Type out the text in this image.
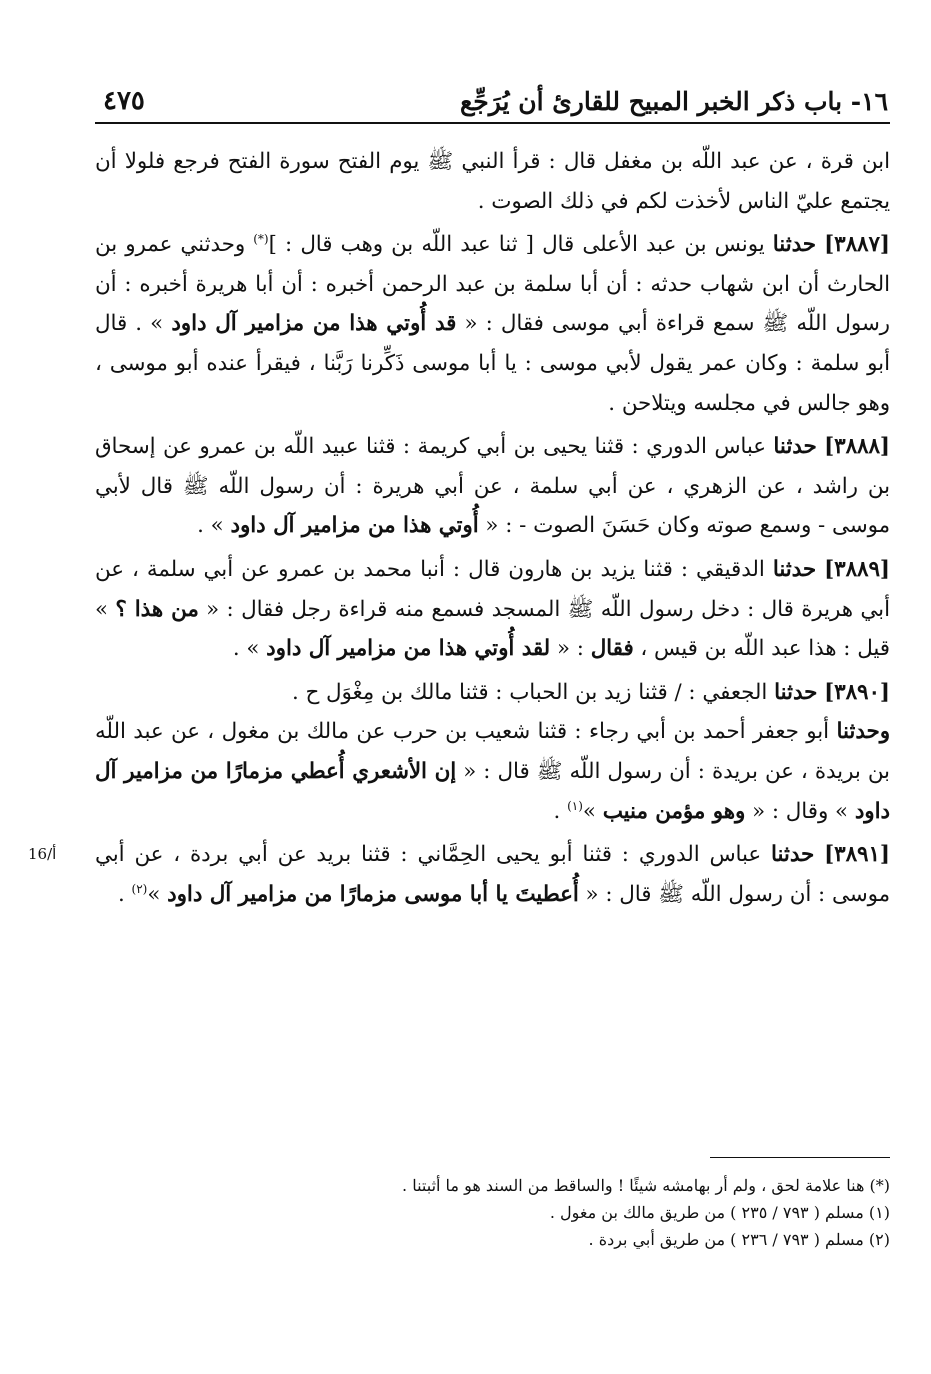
١٦- باب ذكر الخبر المبيح للقارئ أن يُرَجِّع
٤٧٥

ابن قرة ، عن عبد اللّه بن مغفل قال : قرأ النبي ﷺ يوم الفتح سورة الفتح فرجع فلولا أن يجتمع عليّ الناس لأخذت لكم في ذلك الصوت .

[٣٨٨٧] حدثنا يونس بن عبد الأعلى قال [ ثنا عبد اللّه بن وهب قال : ](*) وحدثني عمرو بن الحارث أن ابن شهاب حدثه : أن أبا سلمة بن عبد الرحمن أخبره : أن أبا هريرة أخبره : أن رسول اللّه ﷺ سمع قراءة أبي موسى فقال : « قد أُوتي هذا من مزامير آل داود » . قال أبو سلمة : وكان عمر يقول لأبي موسى : يا أبا موسى ذَكِّرنا رَبَّنا ، فيقرأ عنده أبو موسى ، وهو جالس في مجلسه ويتلاحن .

[٣٨٨٨] حدثنا عباس الدوري : قثنا يحيى بن أبي كريمة : قثنا عبيد اللّه بن عمرو عن إسحاق بن راشد ، عن الزهري ، عن أبي سلمة ، عن أبي هريرة : أن رسول اللّه ﷺ قال لأبي موسى - وسمع صوته وكان حَسَنَ الصوت - : « أُوتي هذا من مزامير آل داود » .

[٣٨٨٩] حدثنا الدقيقي : قثنا يزيد بن هارون قال : أنبا محمد بن عمرو عن أبي سلمة ، عن أبي هريرة قال : دخل رسول اللّه ﷺ المسجد فسمع منه قراءة رجل فقال : « من هذا ؟ » قيل : هذا عبد اللّه بن قيس ، فقال : « لقد أُوتي هذا من مزامير آل داود » .

[٣٨٩٠] حدثنا الجعفي : / قثنا زيد بن الحباب : قثنا مالك بن مِغْوَل ح .

وحدثنا أبو جعفر أحمد بن أبي رجاء : قثنا شعيب بن حرب عن مالك بن مغول ، عن عبد اللّه بن بريدة ، عن بريدة : أن رسول اللّه ﷺ قال : « إن الأشعري أُعطي مزمارًا من مزامير آل داود » وقال : « وهو مؤمن منيب »$^{(١)}$ .

[٣٨٩١] حدثنا عباس الدوري : قثنا أبو يحيى الحِمَّاني : قثنا بريد عن أبي بردة ، عن أبي موسى : أن رسول اللّه ﷺ قال : « أُعطيتَ يا أبا موسى مزمارًا من مزامير آل داود »$^{(٢)}$ .

16/أ
(*) هنا علامة لحق ، ولم أر بهامشه شيئًا ! والساقط من السند هو ما أثبتنا .
(١) مسلم ( ٧٩٣ / ٢٣٥ ) من طريق مالك بن مغول .
(٢) مسلم ( ٧٩٣ / ٢٣٦ ) من طريق أبي بردة .
